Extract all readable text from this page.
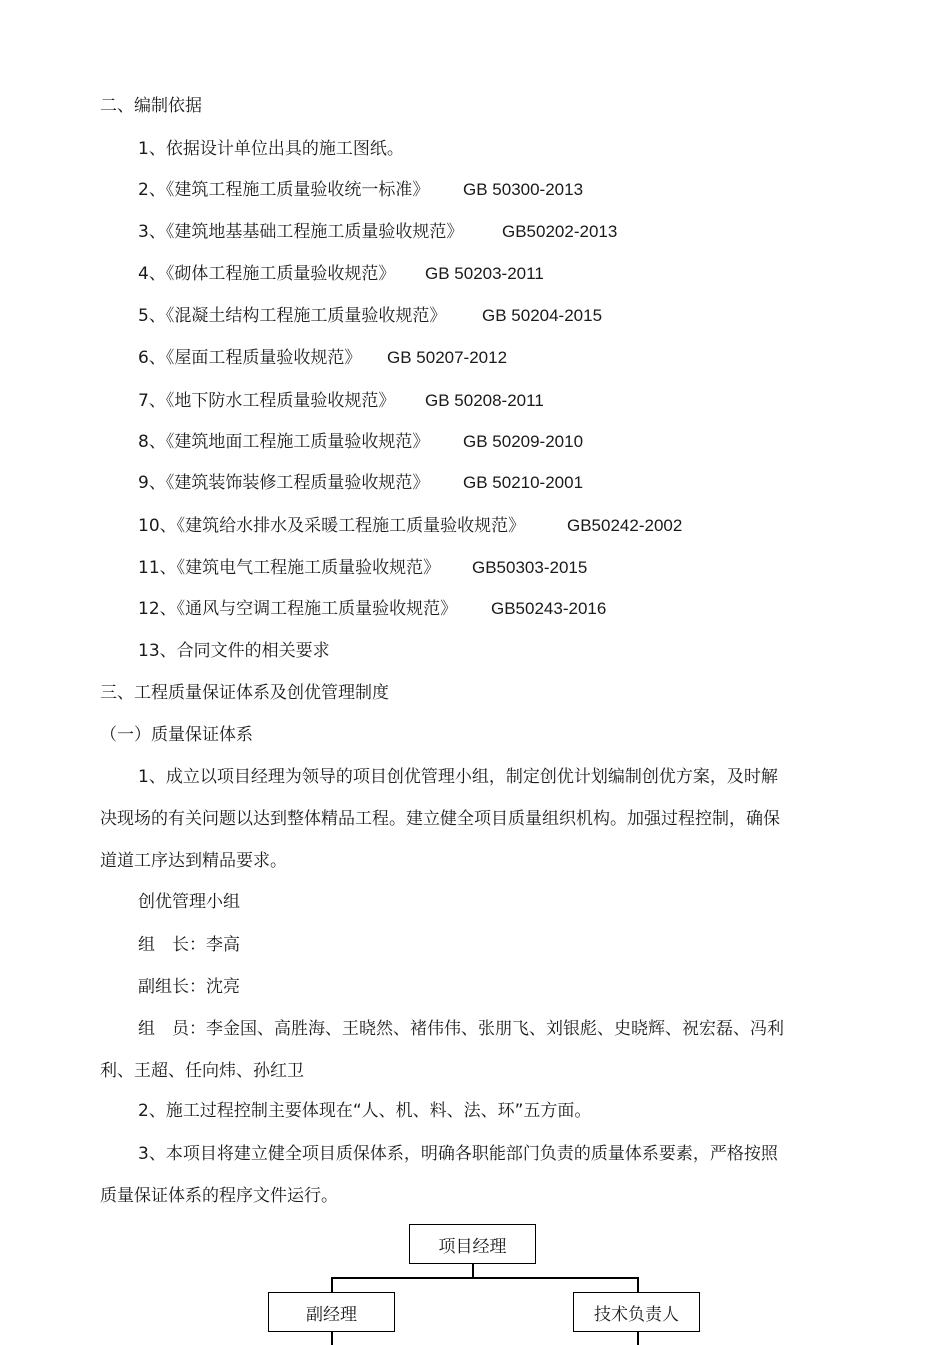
二、编制依据
1、依据设计单位出具的施工图纸。
2、《建筑工程施工质量验收统一标准》 GB 50300-2013
3、《建筑地基基础工程施工质量验收规范》 GB50202-2013
4、《砌体工程施工质量验收规范》 GB 50203-2011
5、《混凝土结构工程施工质量验收规范》 GB 50204-2015
6、《屋面工程质量验收规范》 GB 50207-2012
7、《地下防水工程质量验收规范》 GB 50208-2011
8、《建筑地面工程施工质量验收规范》 GB 50209-2010
9、《建筑装饰装修工程质量验收规范》 GB 50210-2001
10、《建筑给水排水及采暖工程施工质量验收规范》 GB50242-2002
11、《建筑电气工程施工质量验收规范》 GB50303-2015
12、《通风与空调工程施工质量验收规范》 GB50243-2016
13、合同文件的相关要求
三、工程质量保证体系及创优管理制度
（一）质量保证体系
1、成立以项目经理为领导的项目创优管理小组，制定创优计划编制创优方案，及时解
决现场的有关问题以达到整体精品工程。建立健全项目质量组织机构。加强过程控制，确保
道道工序达到精品要求。
创优管理小组
组　长：李高
副组长：沈亮
组　员：李金国、高胜海、王晓然、褚伟伟、张朋飞、刘银彪、史晓辉、祝宏磊、冯利
利、王超、任向炜、孙红卫
2、施工过程控制主要体现在“人、机、料、法、环”五方面。
3、本项目将建立健全项目质保体系，明确各职能部门负责的质量体系要素，严格按照
质量保证体系的程序文件运行。
项目经理
副经理	技术负责人
